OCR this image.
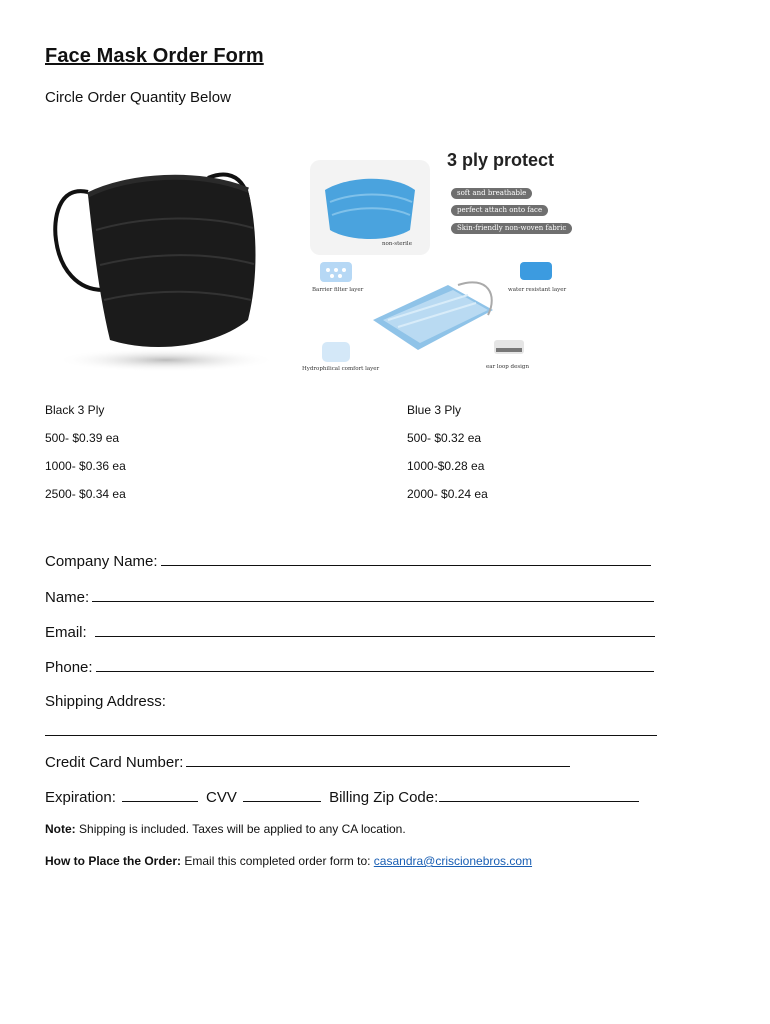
Face Mask Order Form
Circle Order Quantity Below
3 ply protect
non-sterile
soft and breathable
perfect attach onto face
Skin-friendly non-woven fabric
Barrier filter layer	water resistant layer
Hydrophilical comfort layer	ear loop design
Black 3 Ply
500- $0.39 ea
1000- $0.36 ea
2500- $0.34 ea
Blue 3 Ply
500- $0.32 ea
1000-$0.28 ea
2000- $0.24 ea
Company Name:
Name:
Email:
Phone:
Shipping Address:
Credit Card Number:
Expiration:	CVV	Billing Zip Code:
Note: Shipping is included. Taxes will be applied to any CA location.
How to Place the Order: Email this completed order form to: casandra@criscionebros.com
